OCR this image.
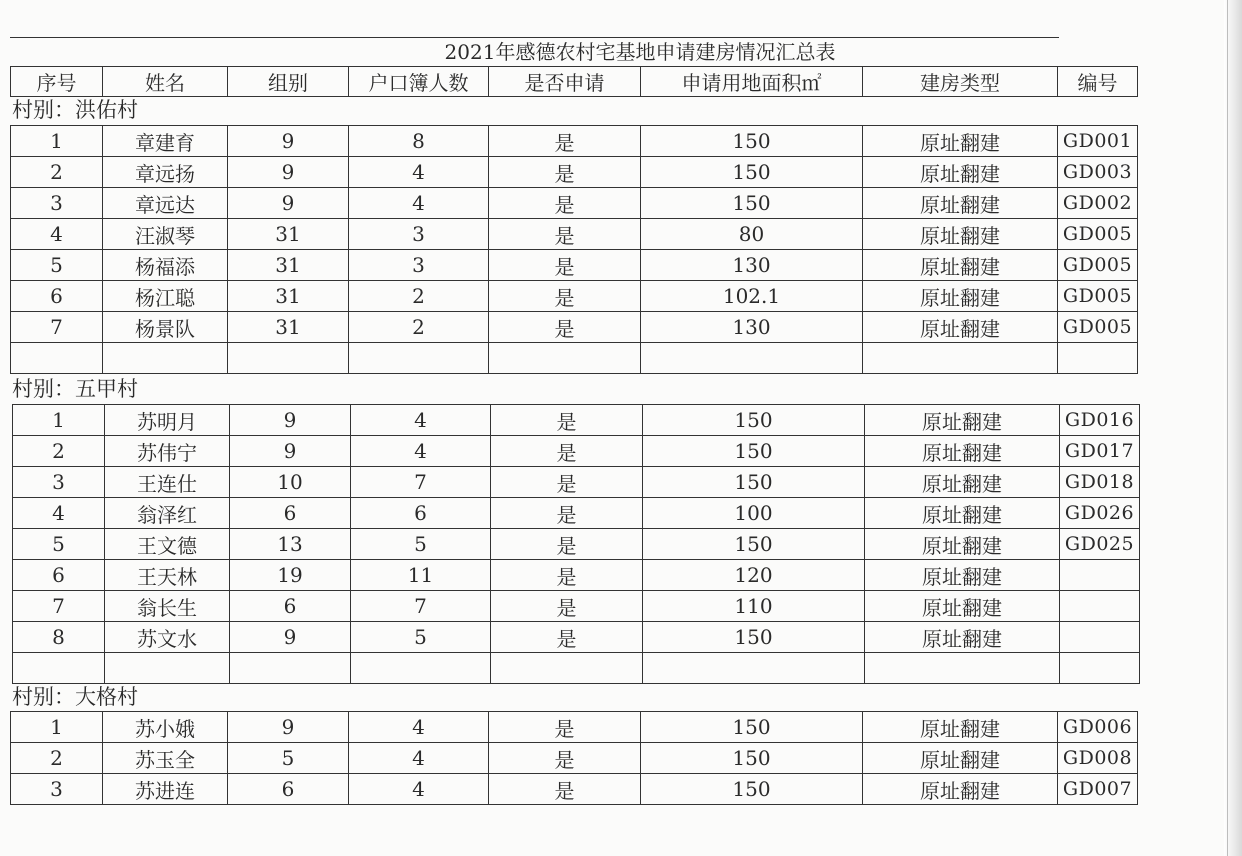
2021年感德农村宅基地申请建房情况汇总表
序号	姓名	组别	户口簿人数	是否申请	申请用地面积㎡	建房类型	编号
村别：洪佑村
村别：五甲村
村别：大格村
1	章建育	9	8	是	150	原址翻建	GD001
2	章远扬	9	4	是	150	原址翻建	GD003
3	章远达	9	4	是	150	原址翻建	GD002
4	汪淑琴	31	3	是	80	原址翻建	GD005
5	杨福添	31	3	是	130	原址翻建	GD005
6	杨江聪	31	2	是	102.1	原址翻建	GD005
7	杨景队	31	2	是	130	原址翻建	GD005

1	苏明月	9	4	是	150	原址翻建	GD016
2	苏伟宁	9	4	是	150	原址翻建	GD017
3	王连仕	10	7	是	150	原址翻建	GD018
4	翁泽红	6	6	是	100	原址翻建	GD026
5	王文德	13	5	是	150	原址翻建	GD025
6	王天林	19	11	是	120	原址翻建	
7	翁长生	6	7	是	110	原址翻建	
8	苏文水	9	5	是	150	原址翻建	

1	苏小娥	9	4	是	150	原址翻建	GD006
2	苏玉全	5	4	是	150	原址翻建	GD008
3	苏进连	6	4	是	150	原址翻建	GD007
